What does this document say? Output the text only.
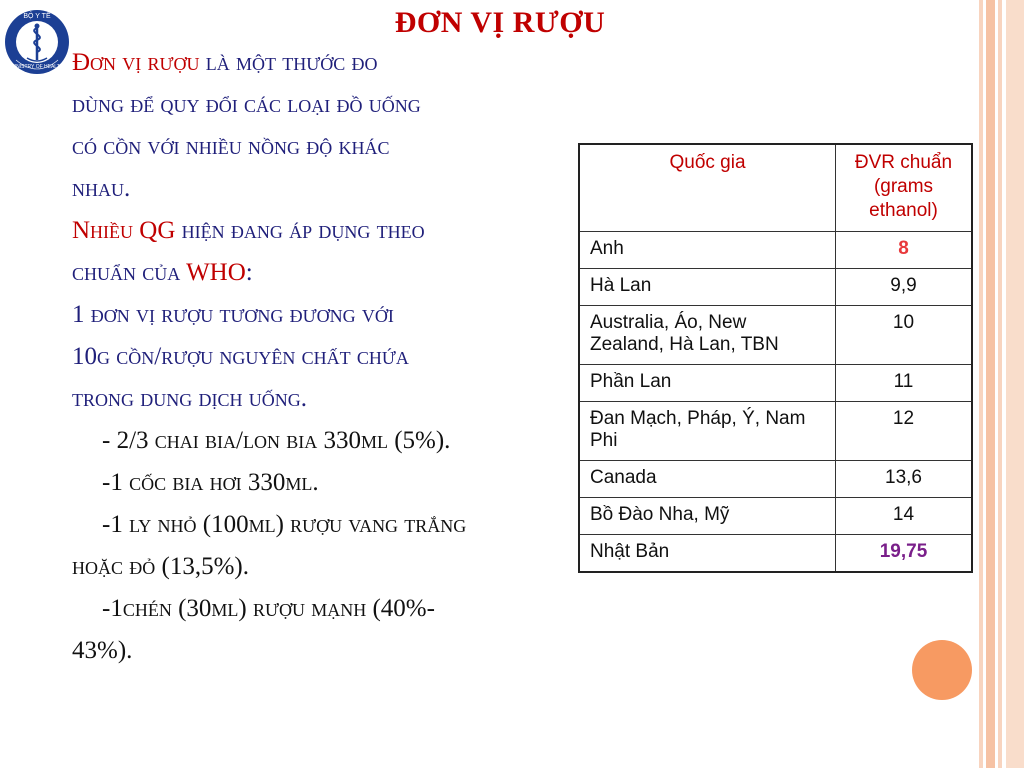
BỘ Y TẾ
MINISTRY OF HEALTH
ĐƠN VỊ RƯỢU
Đơn vị rượu là một thước đo
dùng để quy đổi các loại đồ uống
có cồn với nhiều nồng độ khác
nhau.
Nhiều QG hiện đang áp dụng theo
chuẩn của WHO:
1 đơn vị rượu tương đương với
10g cồn/rượu nguyên chất chứa
trong dung dịch uống.
- 2/3 chai bia/lon bia 330ml (5%).
-1 cốc bia hơi 330ml.
-1 ly nhỏ (100ml) rượu vang trắng
hoặc đỏ (13,5%).
-1chén (30ml) rượu mạnh (40%-
43%).
Quốc gia	ĐVR chuẩn (grams ethanol)
Anh	8
Hà Lan	9,9
Australia, Áo, New Zealand, Hà Lan, TBN	10
Phần Lan	11
Đan Mạch, Pháp, Ý, Nam Phi	12
Canada	13,6
Bồ Đào Nha, Mỹ	14
Nhật Bản	19,75
